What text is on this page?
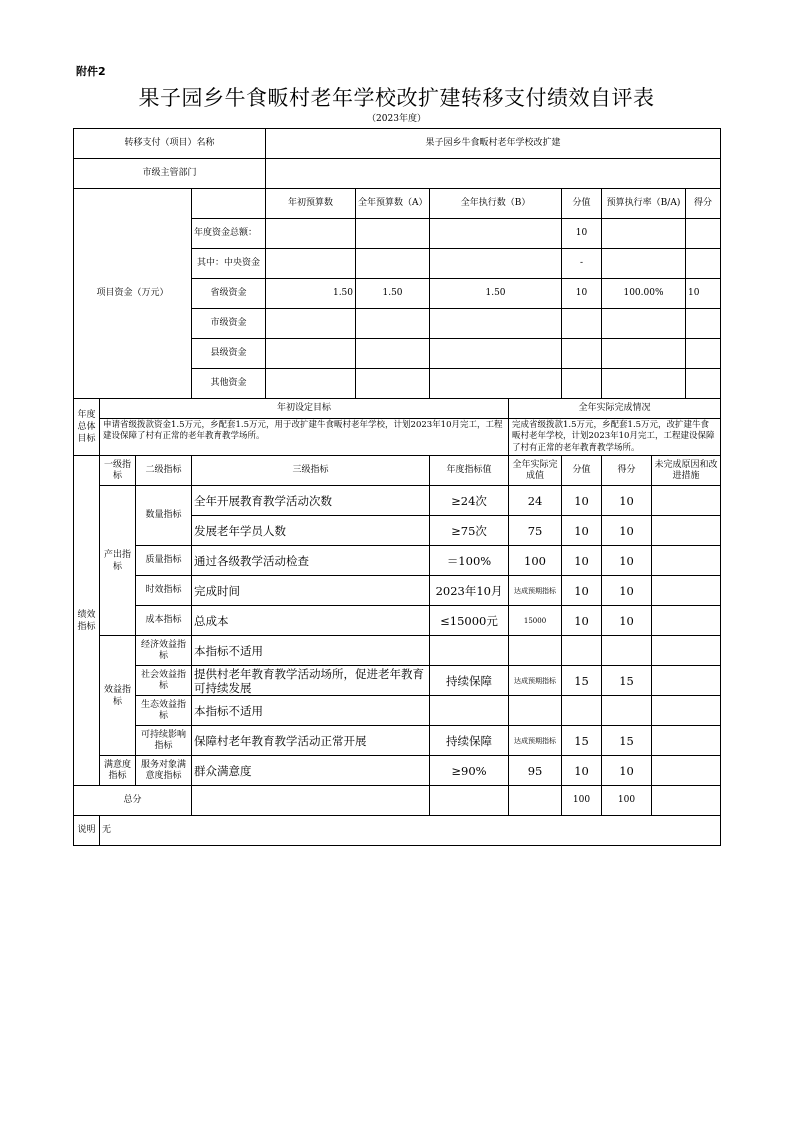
附件2
果子园乡牛食畈村老年学校改扩建转移支付绩效自评表
（2023年度）
转移支付（项目）名称				果子园乡牛食畈村老年学校改扩建							
市级主管部门											
项目资金（万元）				年初预算数	全年预算数（A）	全年执行数（B）		分值	预算执行率（B/A)		得分
			年度资金总额：					10			
			其中：中央资金					-			
			省级资金	1.50	1.50	1.50		10	100.00%		10
			市级资金								
			县级资金								
			其他资金								
年度总体目标	年初设定目标						全年实际完成情况				
	申请省级拨款资金1.5万元，乡配套1.5万元，用于改扩建牛食畈村老年学校，计划2023年10月完工，工程建设保障了村有正常的老年教育教学场所。						完成省级拨款1.5万元，乡配套1.5万元，改扩建牛食畈村老年学校，计划2023年10月完工，工程建设保障了村有正常的老年教育教学场所。				
绩效指标	一级指标	二级指标	三级指标			年度指标值	全年实际完成值	分值	得分	未完成原因和改进措施	
	产出指标	数量指标	全年开展教育教学活动次数			≥24次	24	10	10		
			发展老年学员人数			≥75次	75	10	10		
		质量指标	通过各级教学活动检查			＝100%	100	10	10		
		时效指标	完成时间			2023年10月	达成预期指标	10	10		
		成本指标	总成本			≤15000元	15000	10	10		

	效益指标	经济效益指标	本指标不适用								
		社会效益指标	提供村老年教育教学活动场所，促进老年教育可持续发展			持续保障	达成预期指标	15	15		
		生态效益指标	本指标不适用								
		可持续影响指标	保障村老年教育教学活动正常开展			持续保障	达成预期指标	15	15		
	满意度指标	服务对象满意度指标	群众满意度			≥90%	95	10	10		
总分								100	100		
说明	无										
